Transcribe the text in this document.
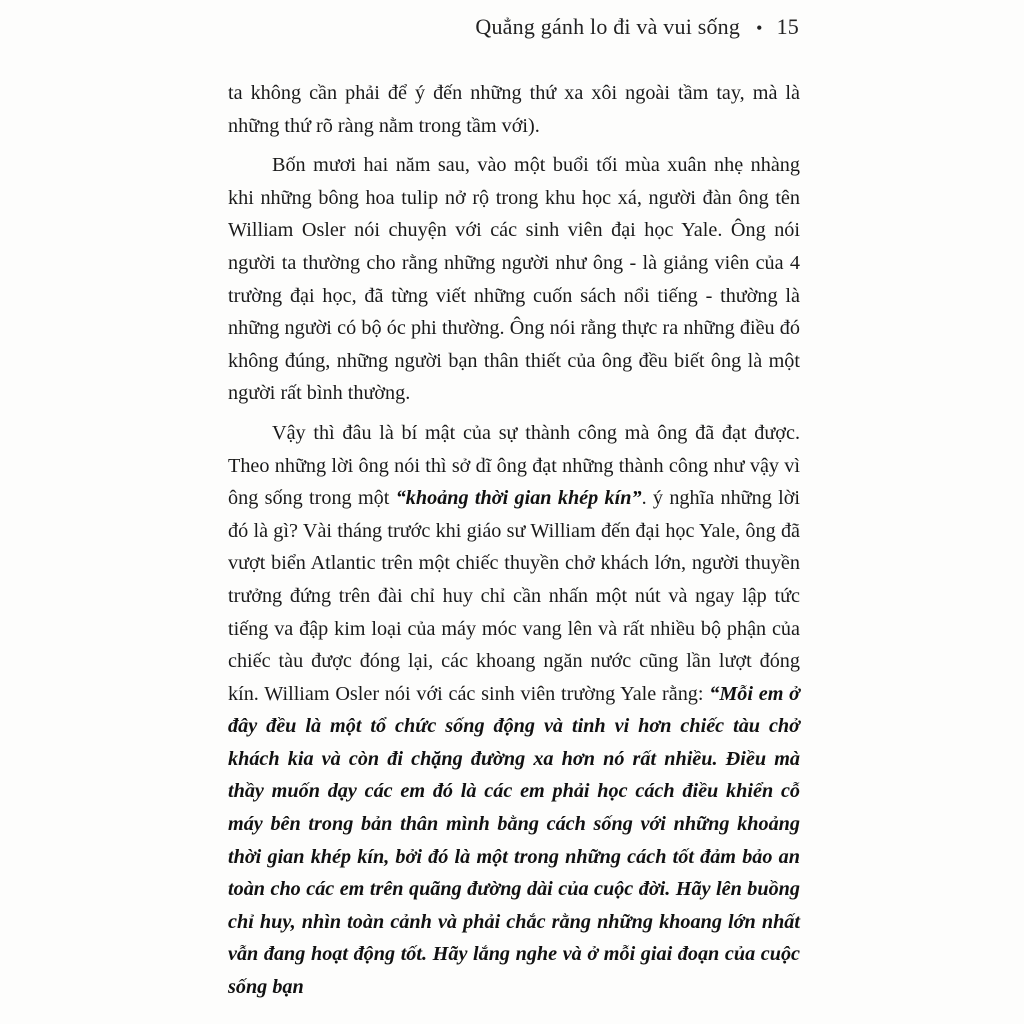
Quẳng gánh lo đi và vui sống • 15

ta không cần phải để ý đến những thứ xa xôi ngoài tầm tay, mà là những thứ rõ ràng nằm trong tầm với).

Bốn mươi hai năm sau, vào một buổi tối mùa xuân nhẹ nhàng khi những bông hoa tulip nở rộ trong khu học xá, người đàn ông tên William Osler nói chuyện với các sinh viên đại học Yale. Ông nói người ta thường cho rằng những người như ông - là giảng viên của 4 trường đại học, đã từng viết những cuốn sách nổi tiếng - thường là những người có bộ óc phi thường. Ông nói rằng thực ra những điều đó không đúng, những người bạn thân thiết của ông đều biết ông là một người rất bình thường.

Vậy thì đâu là bí mật của sự thành công mà ông đã đạt được. Theo những lời ông nói thì sở dĩ ông đạt những thành công như vậy vì ông sống trong một “khoảng thời gian khép kín”. ý nghĩa những lời đó là gì? Vài tháng trước khi giáo sư William đến đại học Yale, ông đã vượt biển Atlantic trên một chiếc thuyền chở khách lớn, người thuyền trưởng đứng trên đài chỉ huy chỉ cần nhấn một nút và ngay lập tức tiếng va đập kim loại của máy móc vang lên và rất nhiều bộ phận của chiếc tàu được đóng lại, các khoang ngăn nước cũng lần lượt đóng kín. William Osler nói với các sinh viên trường Yale rằng: “Mỗi em ở đây đều là một tổ chức sống động và tinh vi hơn chiếc tàu chở khách kia và còn đi chặng đường xa hơn nó rất nhiều. Điều mà thầy muốn dạy các em đó là các em phải học cách điều khiển cỗ máy bên trong bản thân mình bằng cách sống với những khoảng thời gian khép kín, bởi đó là một trong những cách tốt đảm bảo an toàn cho các em trên quãng đường dài của cuộc đời. Hãy lên buồng chỉ huy, nhìn toàn cảnh và phải chắc rằng những khoang lớn nhất vẫn đang hoạt động tốt. Hãy lắng nghe và ở mỗi giai đoạn của cuộc sống bạn
